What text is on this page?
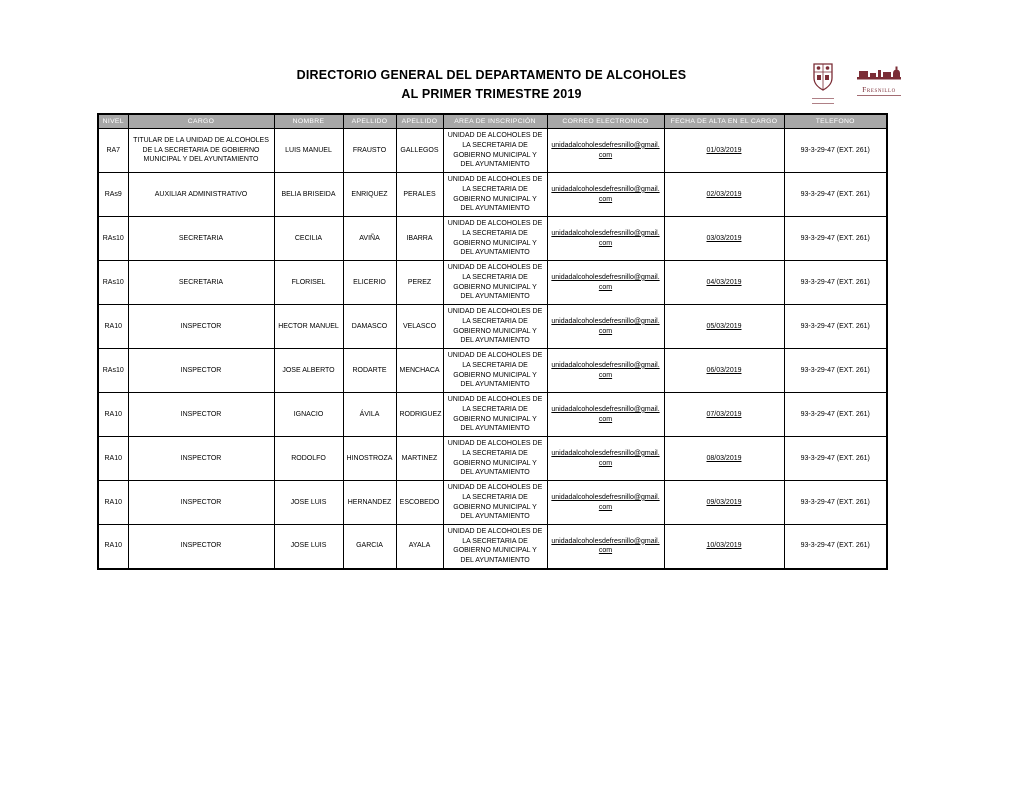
DIRECTORIO GENERAL DEL DEPARTAMENTO DE ALCOHOLES
AL PRIMER TRIMESTRE 2019	Fresnillo
NIVEL	CARGO	NOMBRE	APELLIDO	APELLIDO	AREA DE INSCRIPCIÓN	CORREO ELECTRONICO	FECHA DE ALTA EN EL CARGO	TELEFONO
RA7	TITULAR DE LA UNIDAD DE ALCOHOLES DE LA SECRETARIA DE GOBIERNO MUNICIPAL Y DEL AYUNTAMIENTO	LUIS MANUEL	FRAUSTO	GALLEGOS	UNIDAD DE ALCOHOLES DE LA SECRETARIA DE GOBIERNO MUNICIPAL Y DEL AYUNTAMIENTO	unidadalcoholesdefresnillo@gmail.com	01/03/2019	93-3-29-47 (EXT. 261)
RAs9	AUXILIAR ADMINISTRATIVO	BELIA BRISEIDA	ENRIQUEZ	PERALES	UNIDAD DE ALCOHOLES DE LA SECRETARIA DE GOBIERNO MUNICIPAL Y DEL AYUNTAMIENTO	unidadalcoholesdefresnillo@gmail.com	02/03/2019	93-3-29-47 (EXT. 261)
RAs10	SECRETARIA	CECILIA	AVIÑA	IBARRA	UNIDAD DE ALCOHOLES DE LA SECRETARIA DE GOBIERNO MUNICIPAL Y DEL AYUNTAMIENTO	unidadalcoholesdefresnillo@gmail.com	03/03/2019	93-3-29-47 (EXT. 261)
RAs10	SECRETARIA	FLORISEL	ELICERIO	PEREZ	UNIDAD DE ALCOHOLES DE LA SECRETARIA DE GOBIERNO MUNICIPAL Y DEL AYUNTAMIENTO	unidadalcoholesdefresnillo@gmail.com	04/03/2019	93-3-29-47 (EXT. 261)
RA10	INSPECTOR	HECTOR MANUEL	DAMASCO	VELASCO	UNIDAD DE ALCOHOLES DE LA SECRETARIA DE GOBIERNO MUNICIPAL Y DEL AYUNTAMIENTO	unidadalcoholesdefresnillo@gmail.com	05/03/2019	93-3-29-47 (EXT. 261)
RAs10	INSPECTOR	JOSE ALBERTO	RODARTE	MENCHACA	UNIDAD DE ALCOHOLES DE LA SECRETARIA DE GOBIERNO MUNICIPAL Y DEL AYUNTAMIENTO	unidadalcoholesdefresnillo@gmail.com	06/03/2019	93-3-29-47 (EXT. 261)
RA10	INSPECTOR	IGNACIO	ÁVILA	RODRIGUEZ	UNIDAD DE ALCOHOLES DE LA SECRETARIA DE GOBIERNO MUNICIPAL Y DEL AYUNTAMIENTO	unidadalcoholesdefresnillo@gmail.com	07/03/2019	93-3-29-47 (EXT. 261)
RA10	INSPECTOR	RODOLFO	HINOSTROZA	MARTINEZ	UNIDAD DE ALCOHOLES DE LA SECRETARIA DE GOBIERNO MUNICIPAL Y DEL AYUNTAMIENTO	unidadalcoholesdefresnillo@gmail.com	08/03/2019	93-3-29-47 (EXT. 261)
RA10	INSPECTOR	JOSE LUIS	HERNANDEZ	ESCOBEDO	UNIDAD DE ALCOHOLES DE LA SECRETARIA DE GOBIERNO MUNICIPAL Y DEL AYUNTAMIENTO	unidadalcoholesdefresnillo@gmail.com	09/03/2019	93-3-29-47 (EXT. 261)
RA10	INSPECTOR	JOSE LUIS	GARCIA	AYALA	UNIDAD DE ALCOHOLES DE LA SECRETARIA DE GOBIERNO MUNICIPAL Y DEL AYUNTAMIENTO	unidadalcoholesdefresnillo@gmail.com	10/03/2019	93-3-29-47 (EXT. 261)
